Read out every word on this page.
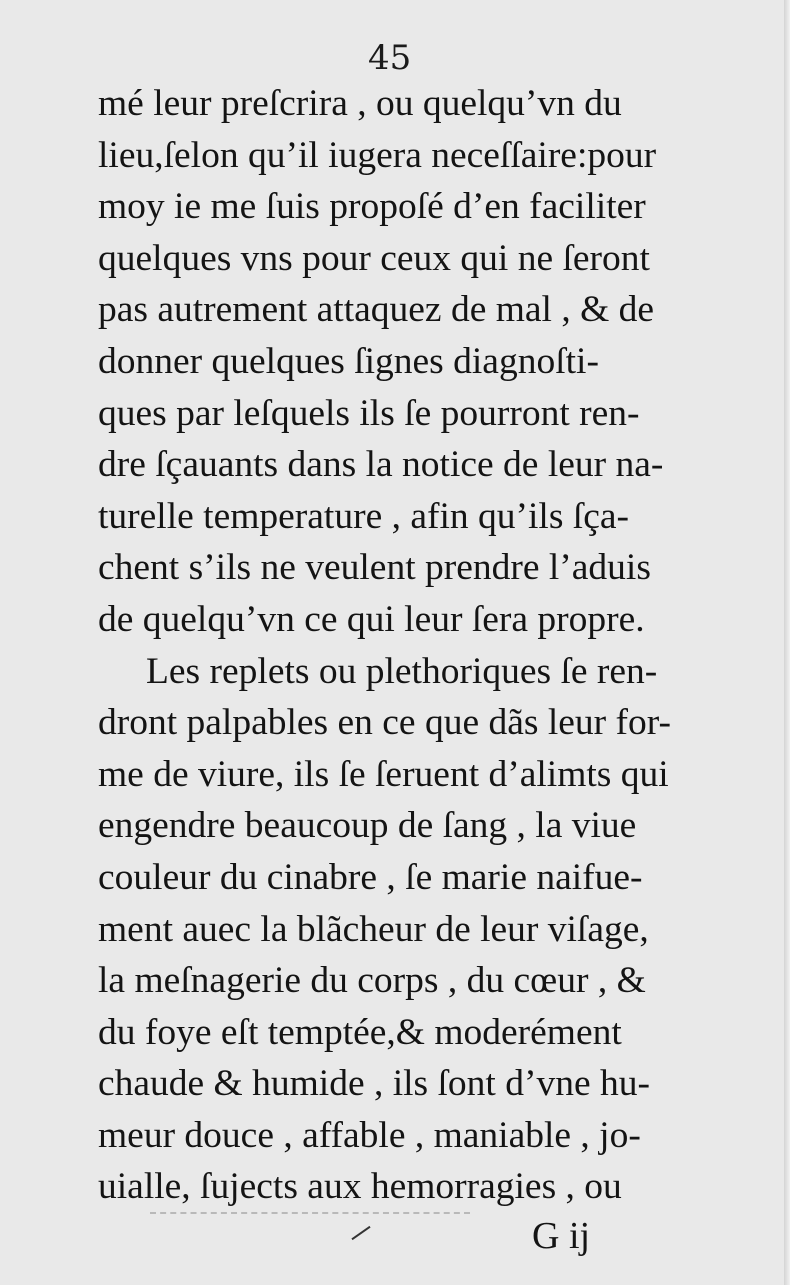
45
mé leur preſcrira , ou quelqu’vn du
lieu,ſelon qu’il iugera neceſſaire:pour
moy ie me ſuis propoſé d’en faciliter
quelques vns pour ceux qui ne ſeront
pas autrement attaquez de mal , & de
donner quelques ſignes diagnoſti-
ques par leſquels ils ſe pourront ren-
dre ſçauants dans la notice de leur na-
turelle temperature , afin qu’ils ſça-
chent s’ils ne veulent prendre l’aduis
de quelqu’vn ce qui leur ſera propre.
Les replets ou plethoriques ſe ren-
dront palpables en ce que dãs leur for-
me de viure, ils ſe ſeruent d’alimts qui
engendre beaucoup de ſang , la viue
couleur du cinabre , ſe marie naifue-
ment auec la blãcheur de leur viſage,
la meſnagerie du corps , du cœur , &
du foye eſt temptée,& moderément
chaude & humide , ils ſont d’vne hu-
meur douce , affable , maniable , jo-
uialle, ſujects aux hemorragies , ou
G ij
